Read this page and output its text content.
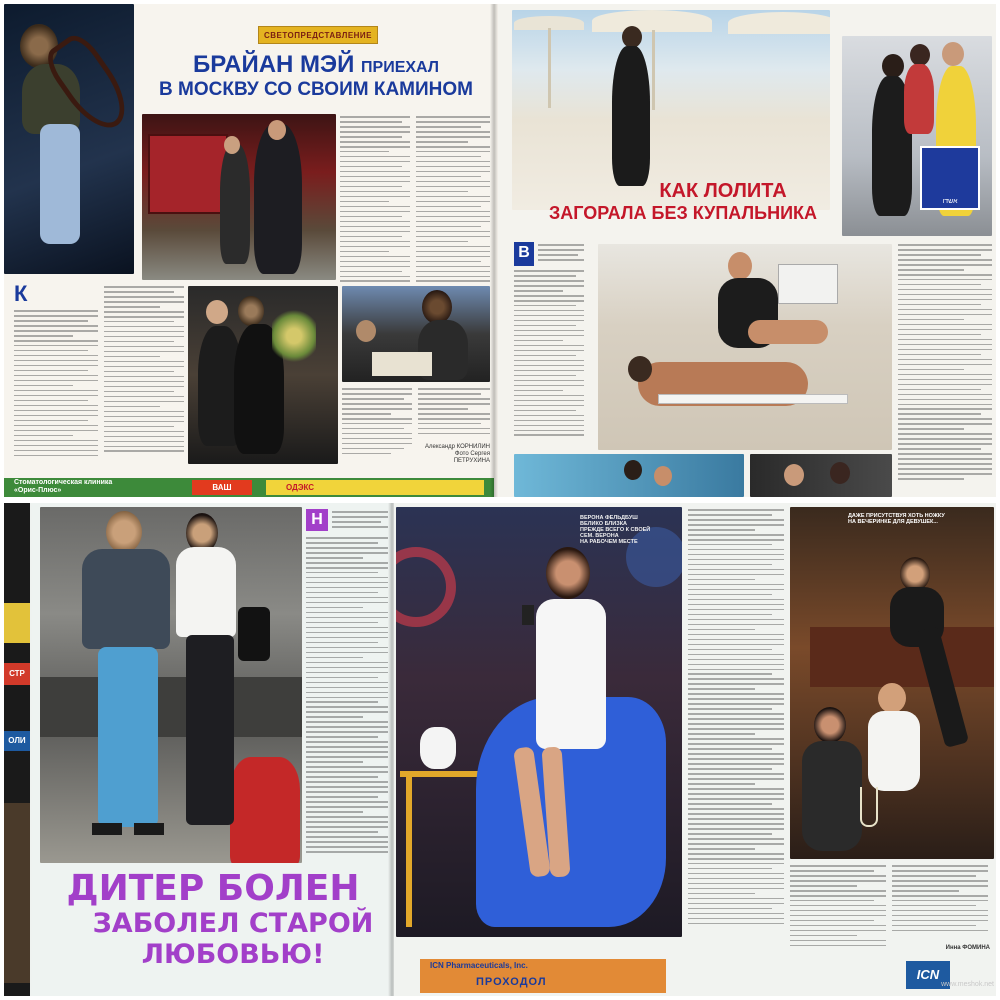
СВЕТОПРЕДСТАВЛЕНИЕ
БРАЙАН МЭЙ ПРИЕХАЛ
В МОСКВУ СО СВОИМ КАМИНОМ
К
Александр КОРНИЛИН
Фото Сергея ПЕТРУХИНА
Стоматологическая клиника «Орис-Плюс»	ВАШ	ОДЭКС
КАК ЛОЛИТА
ЗАГОРАЛА БЕЗ КУПАЛЬНИКА
אשדו
В
СТР
ОЛИ
Н
ДИТЕР БОЛЕН
ЗАБОЛЕЛ СТАРОЙ
ЛЮБОВЬЮ!
ВЕРОНА ФЕЛЬДБУШ
ВЕЛИКО БЛИЗКА
ПРЕЖДЕ ВСЕГО К СВОЕЙ
СЕМ. ВЕРОНА
НА РАБОЧЕМ МЕСТЕ
ДАЖЕ ПРИСУТСТВУЯ ХОТЬ НОЖКУ
НА ВЕЧЕРИНКЕ ДЛЯ ДЕВУШЕК...
Инна ФОМИНА
ICN Pharmaceuticals, Inc.
ПРОХОДОЛ	ICN
www.meshok.net
